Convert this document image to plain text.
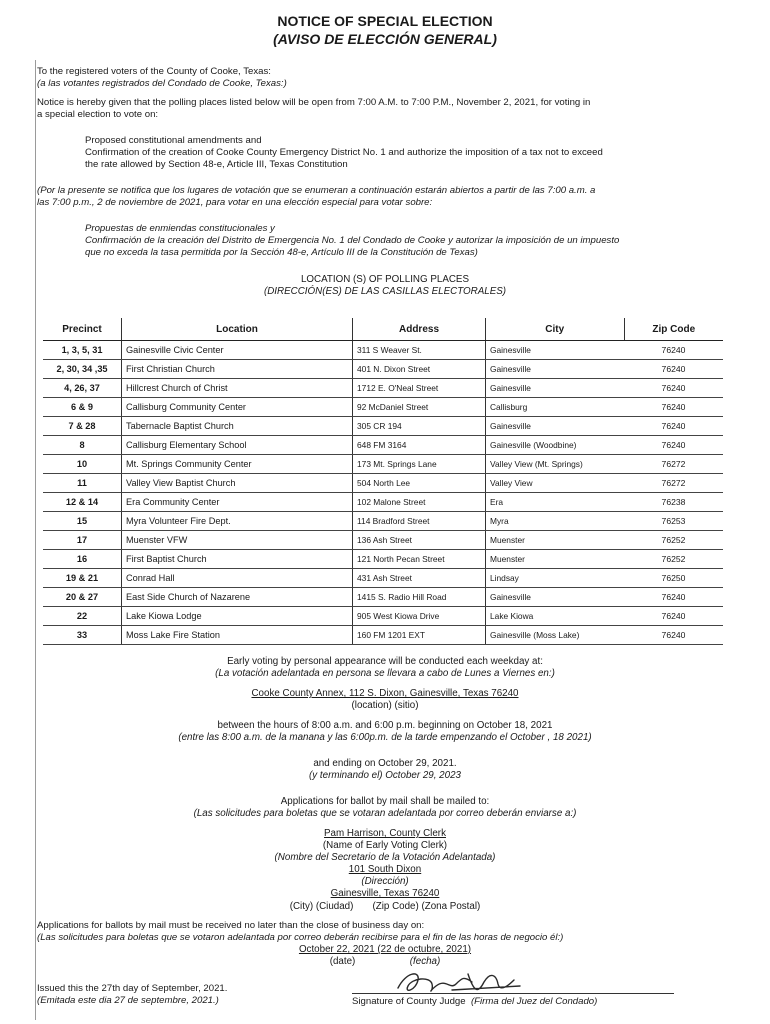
NOTICE OF SPECIAL ELECTION
(AVISO DE ELECCIÓN GENERAL)
To the registered voters of the County of Cooke, Texas:
(a las votantes registrados del Condado de Cooke, Texas:)
Notice is hereby given that the polling places listed below will be open from 7:00 A.M. to 7:00 P.M., November 2, 2021, for voting in
a special election to vote on:
Proposed constitutional amendments and
Confirmation of the creation of Cooke County Emergency District No. 1 and authorize the imposition of a tax not to exceed
the rate allowed by Section 48-e, Article III, Texas Constitution
(Por la presente se notifica que los lugares de votación que se enumeran a continuación estarán abiertos a partir de las 7:00 a.m. a
las 7:00 p.m., 2 de noviembre de 2021, para votar en una elección especial para votar sobre:
Propuestas de enmiendas constitucionales y
Confirmación de la creación del Distrito de Emergencia No. 1 del Condado de Cooke y autorizar la imposición de un impuesto
que no exceda la tasa permitida por la Sección 48-e, Artículo III de la Constitución de Texas)
LOCATION (S) OF POLLING PLACES
(DIRECCIÓN(ES) DE LAS CASILLAS ELECTORALES)
Precinct	Location	Address	City	Zip Code
1, 3, 5, 31	Gainesville Civic Center	311 S Weaver St.	Gainesville	76240
2, 30, 34 ,35	First Christian Church	401 N. Dixon Street	Gainesville	76240
4, 26, 37	Hillcrest Church of Christ	1712 E. O'Neal Street	Gainesville	76240
6 & 9	Callisburg Community Center	92 McDaniel Street	Callisburg	76240
7 & 28	Tabernacle Baptist Church	305 CR 194	Gainesville	76240
8	Callisburg Elementary School	648 FM 3164	Gainesville (Woodbine)	76240
10	Mt. Springs Community Center	173 Mt. Springs Lane	Valley View (Mt. Springs)	76272
11	Valley View Baptist Church	504 North Lee	Valley View	76272
12 & 14	Era Community Center	102 Malone Street	Era	76238
15	Myra Volunteer Fire Dept.	114 Bradford Street	Myra	76253
17	Muenster VFW	136 Ash Street	Muenster	76252
16	First Baptist Church	121 North Pecan Street	Muenster	76252
19 & 21	Conrad Hall	431 Ash Street	Lindsay	76250
20 & 27	East Side Church of Nazarene	1415 S. Radio Hill Road	Gainesville	76240
22	Lake Kiowa Lodge	905 West Kiowa Drive	Lake Kiowa	76240
33	Moss Lake Fire Station	160 FM 1201 EXT	Gainesville (Moss Lake)	76240
Early voting by personal appearance will be conducted each weekday at:
(La votación adelantada en persona se llevara a cabo de Lunes a Viernes en:)
Cooke County Annex, 112 S. Dixon, Gainesville, Texas 76240
(location) (sitio)
between the hours of 8:00 a.m. and 6:00 p.m. beginning on October 18, 2021
(entre las 8:00 a.m. de la manana y las 6:00p.m. de la tarde empenzando el October , 18 2021)
and ending on October 29, 2021.
(y terminando el) October 29, 2023
Applications for ballot by mail shall be mailed to:
(Las solicitudes para boletas que se votaran adelantada por correo deberán enviarse a:)
Pam Harrison, County Clerk
(Name of Early Voting Clerk)
(Nombre del Secretario de la Votación Adelantada)
101 South Dixon
(Dirección)
Gainesville, Texas 76240
(City) (Ciudad) (Zip Code) (Zona Postal)
Applications for ballots by mail must be received no later than the close of business day on:
(Las solicitudes para boletas que se votaron adelantada por correo deberán recibirse para el fin de las horas de negocio él:)
October 22, 2021 (22 de octubre, 2021)
(date)	(fecha)
Issued this the 27th day of September, 2021.
(Emitada este dia 27 de septembre, 2021.)	Signature of County Judge (Firma del Juez del Condado)
